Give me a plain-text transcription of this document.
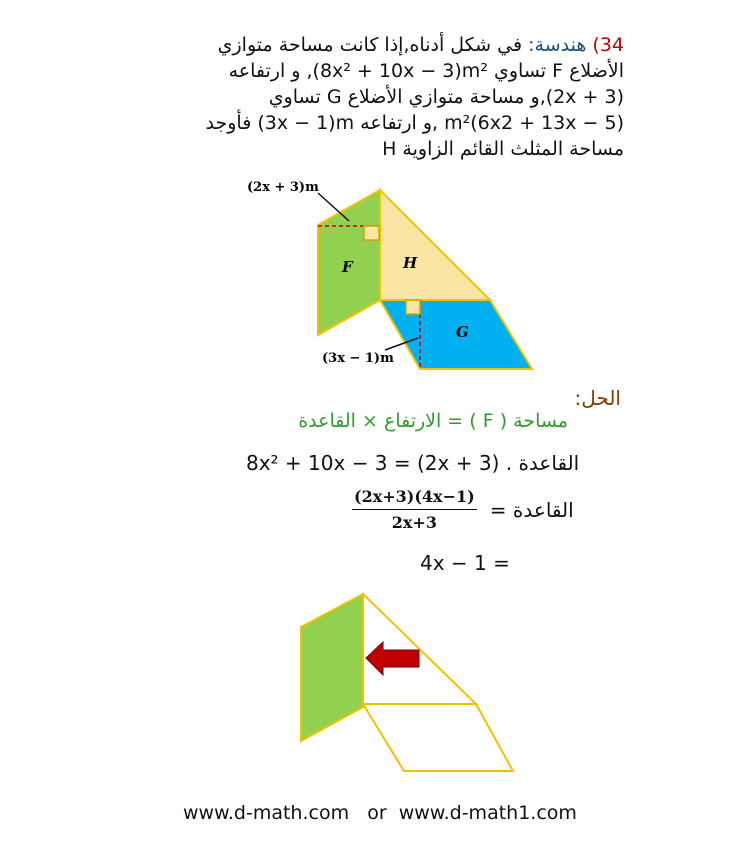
34) هندسة: في شكل أدناه,إذا كانت مساحة متوازي
الأضلاع F تساوي 8x² + 10x − 3)m²), و ارتفاعه
(2x + 3),و مساحة متوازي الأضلاع G تساوي
(6x2 + 13x − 5)m² ,و ارتفاعه 3x − 1)m) فأوجد
مساحة المثلث القائم الزاوية H
F	H
G
(2x + 3)m
(3x − 1)m
الحل:
مساحة ( F ) = الارتفاع × القاعدة
8x² + 10x − 3 = (2x + 3) . القاعدة
$\frac{(2x+3)(4x-1)}{2x+3}$ القاعدة =
4x − 1 =
www.d-math.com   or  www.d-math1.com
